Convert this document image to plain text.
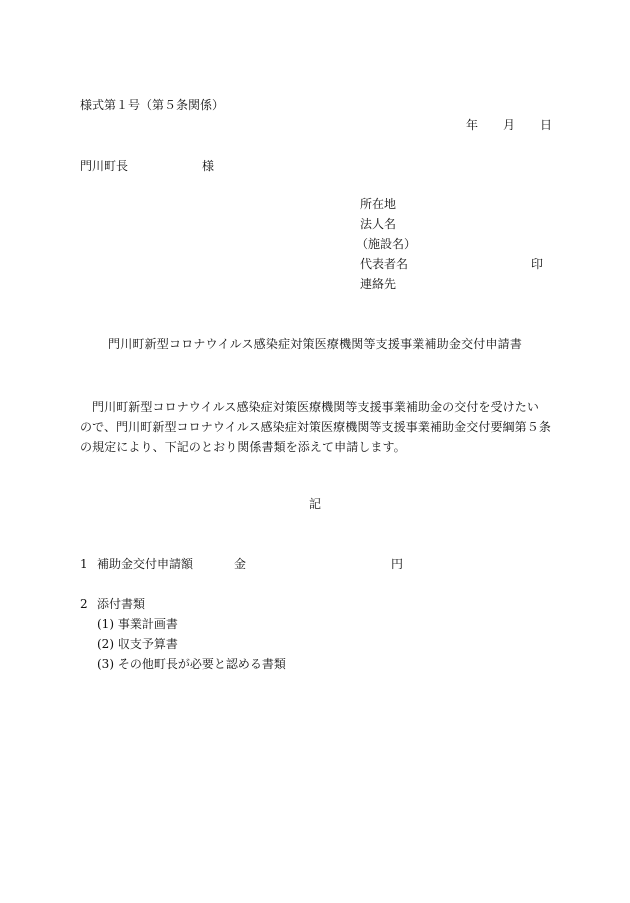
様式第１号（第５条関係）
年 月 日
門川町長	様
所在地
法人名
（施設名）
代表者名	印
連絡先
門川町新型コロナウイルス感染症対策医療機関等支援事業補助金交付申請書
門川町新型コロナウイルス感染症対策医療機関等支援事業補助金の交付を受けたい
ので、門川町新型コロナウイルス感染症対策医療機関等支援事業補助金交付要綱第５条
の規定により、下記のとおり関係書類を添えて申請します。
記
1 補助金交付申請額	金	円
2 添付書類
(1) 事業計画書
(2) 収支予算書
(3) その他町長が必要と認める書類
